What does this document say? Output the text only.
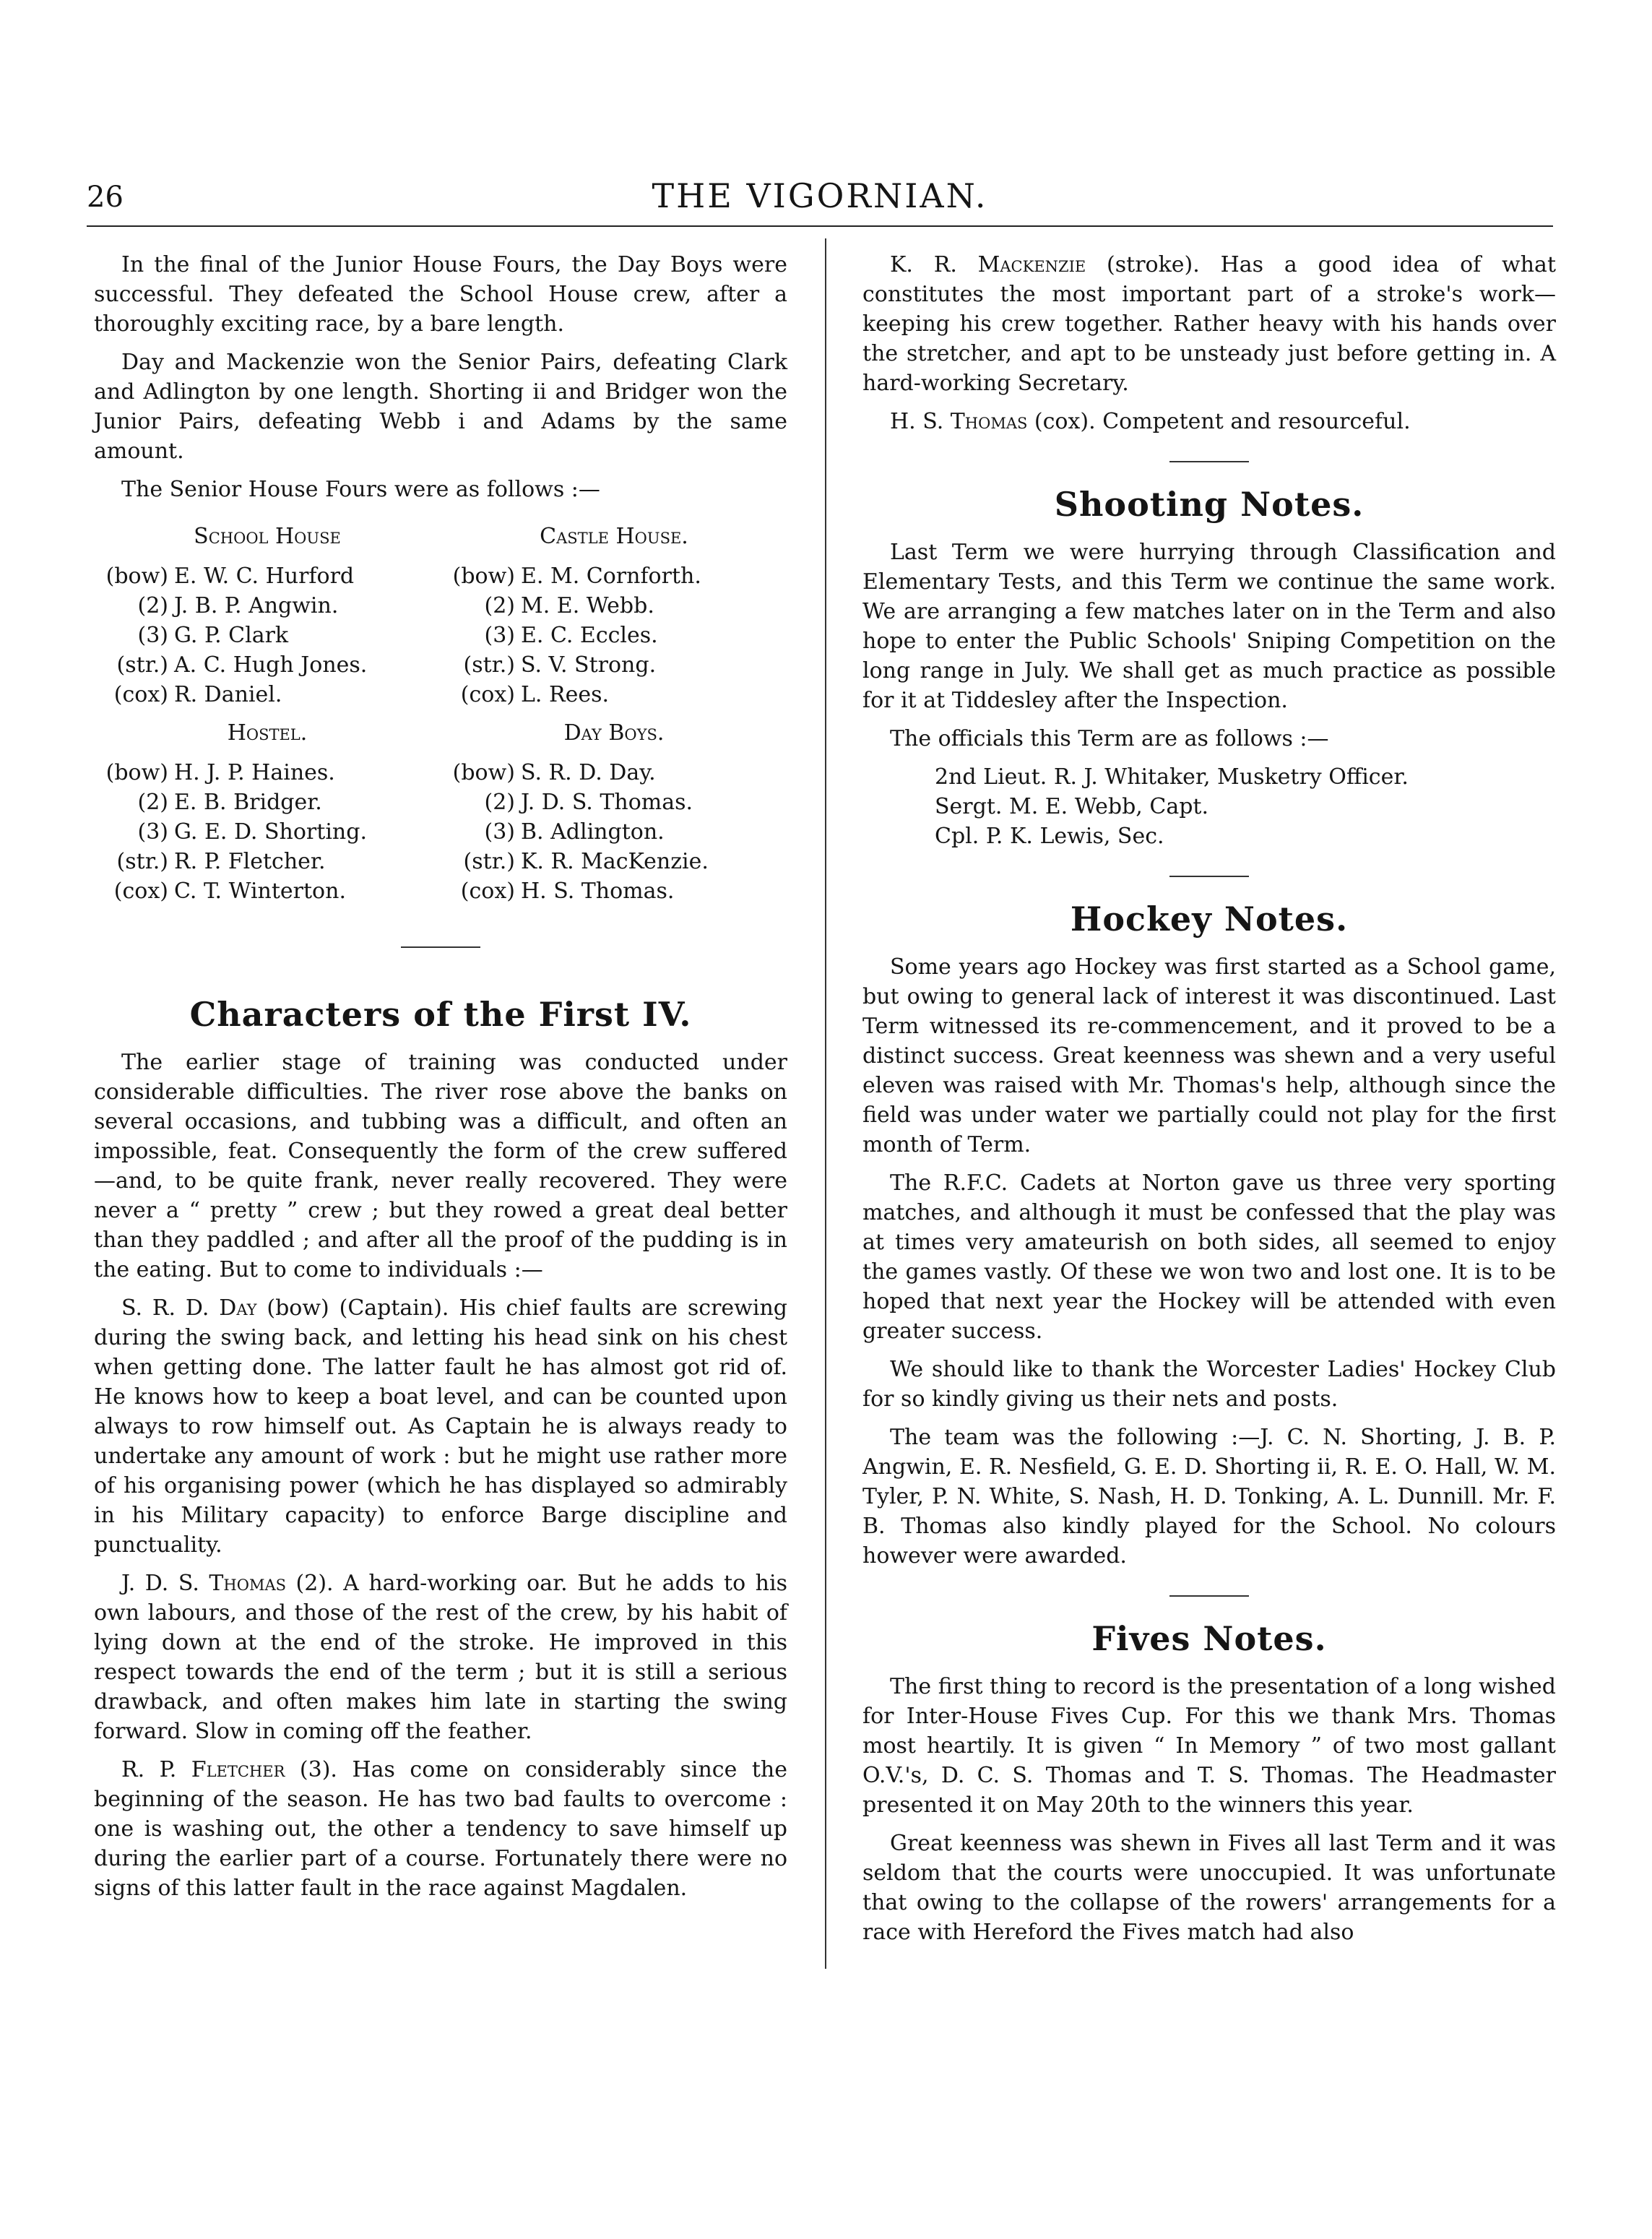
26	THE VIGORNIAN.

In the final of the Junior House Fours, the Day Boys were successful. They defeated the School House crew, after a thoroughly exciting race, by a bare length.

Day and Mackenzie won the Senior Pairs, defeating Clark and Adlington by one length. Shorting ii and Bridger won the Junior Pairs, defeating Webb i and Adams by the same amount.

The Senior House Fours were as follows :—

School House
(bow) E. W. C. Hurford
(2) J. B. P. Angwin.
(3) G. P. Clark
(str.) A. C. Hugh Jones.
(cox) R. Daniel.
Castle House.
(bow) E. M. Cornforth.
(2) M. E. Webb.
(3) E. C. Eccles.
(str.) S. V. Strong.
(cox) L. Rees.
Hostel.
(bow) H. J. P. Haines.
(2) E. B. Bridger.
(3) G. E. D. Shorting.
(str.) R. P. Fletcher.
(cox) C. T. Winterton.
Day Boys.
(bow) S. R. D. Day.
(2) J. D. S. Thomas.
(3) B. Adlington.
(str.) K. R. MacKenzie.
(cox) H. S. Thomas.
Characters of the First IV.

The earlier stage of training was conducted under considerable difficulties. The river rose above the banks on several occasions, and tubbing was a difficult, and often an impossible, feat. Consequently the form of the crew suffered —and, to be quite frank, never really recovered. They were never a “ pretty ” crew ; but they rowed a great deal better than they paddled ; and after all the proof of the pudding is in the eating. But to come to individuals :—

S. R. D. Day (bow) (Captain). His chief faults are screwing during the swing back, and letting his head sink on his chest when getting done. The latter fault he has almost got rid of. He knows how to keep a boat level, and can be counted upon always to row himself out. As Captain he is always ready to undertake any amount of work : but he might use rather more of his organising power (which he has displayed so admirably in his Military capacity) to enforce Barge discipline and punctuality.

J. D. S. Thomas (2). A hard-working oar. But he adds to his own labours, and those of the rest of the crew, by his habit of lying down at the end of the stroke. He improved in this respect towards the end of the term ; but it is still a serious drawback, and often makes him late in starting the swing forward. Slow in coming off the feather.

R. P. Fletcher (3). Has come on considerably since the beginning of the season. He has two bad faults to overcome : one is washing out, the other a tendency to save himself up during the earlier part of a course. Fortunately there were no signs of this latter fault in the race against Magdalen.

K. R. Mackenzie (stroke). Has a good idea of what constitutes the most important part of a stroke's work—keeping his crew together. Rather heavy with his hands over the stretcher, and apt to be unsteady just before getting in. A hard-working Secretary.

H. S. Thomas (cox). Competent and resourceful.

Shooting Notes.

Last Term we were hurrying through Classification and Elementary Tests, and this Term we continue the same work. We are arranging a few matches later on in the Term and also hope to enter the Public Schools' Sniping Competition on the long range in July. We shall get as much practice as possible for it at Tiddesley after the Inspection.

The officials this Term are as follows :—

2nd Lieut. R. J. Whitaker, Musketry Officer.
Sergt. M. E. Webb, Capt.
Cpl. P. K. Lewis, Sec.
Hockey Notes.

Some years ago Hockey was first started as a School game, but owing to general lack of interest it was discontinued. Last Term witnessed its re-commencement, and it proved to be a distinct success. Great keenness was shewn and a very useful eleven was raised with Mr. Thomas's help, although since the field was under water we partially could not play for the first month of Term.

The R.F.C. Cadets at Norton gave us three very sporting matches, and although it must be confessed that the play was at times very amateurish on both sides, all seemed to enjoy the games vastly. Of these we won two and lost one. It is to be hoped that next year the Hockey will be attended with even greater success.

We should like to thank the Worcester Ladies' Hockey Club for so kindly giving us their nets and posts.

The team was the following :—J. C. N. Shorting, J. B. P. Angwin, E. R. Nesfield, G. E. D. Shorting ii, R. E. O. Hall, W. M. Tyler, P. N. White, S. Nash, H. D. Tonking, A. L. Dunnill. Mr. F. B. Thomas also kindly played for the School. No colours however were awarded.

Fives Notes.

The first thing to record is the presentation of a long wished for Inter-House Fives Cup. For this we thank Mrs. Thomas most heartily. It is given “ In Memory ” of two most gallant O.V.'s, D. C. S. Thomas and T. S. Thomas. The Headmaster presented it on May 20th to the winners this year.

Great keenness was shewn in Fives all last Term and it was seldom that the courts were unoccupied. It was unfortunate that owing to the collapse of the rowers' arrangements for a race with Hereford the Fives match had also
